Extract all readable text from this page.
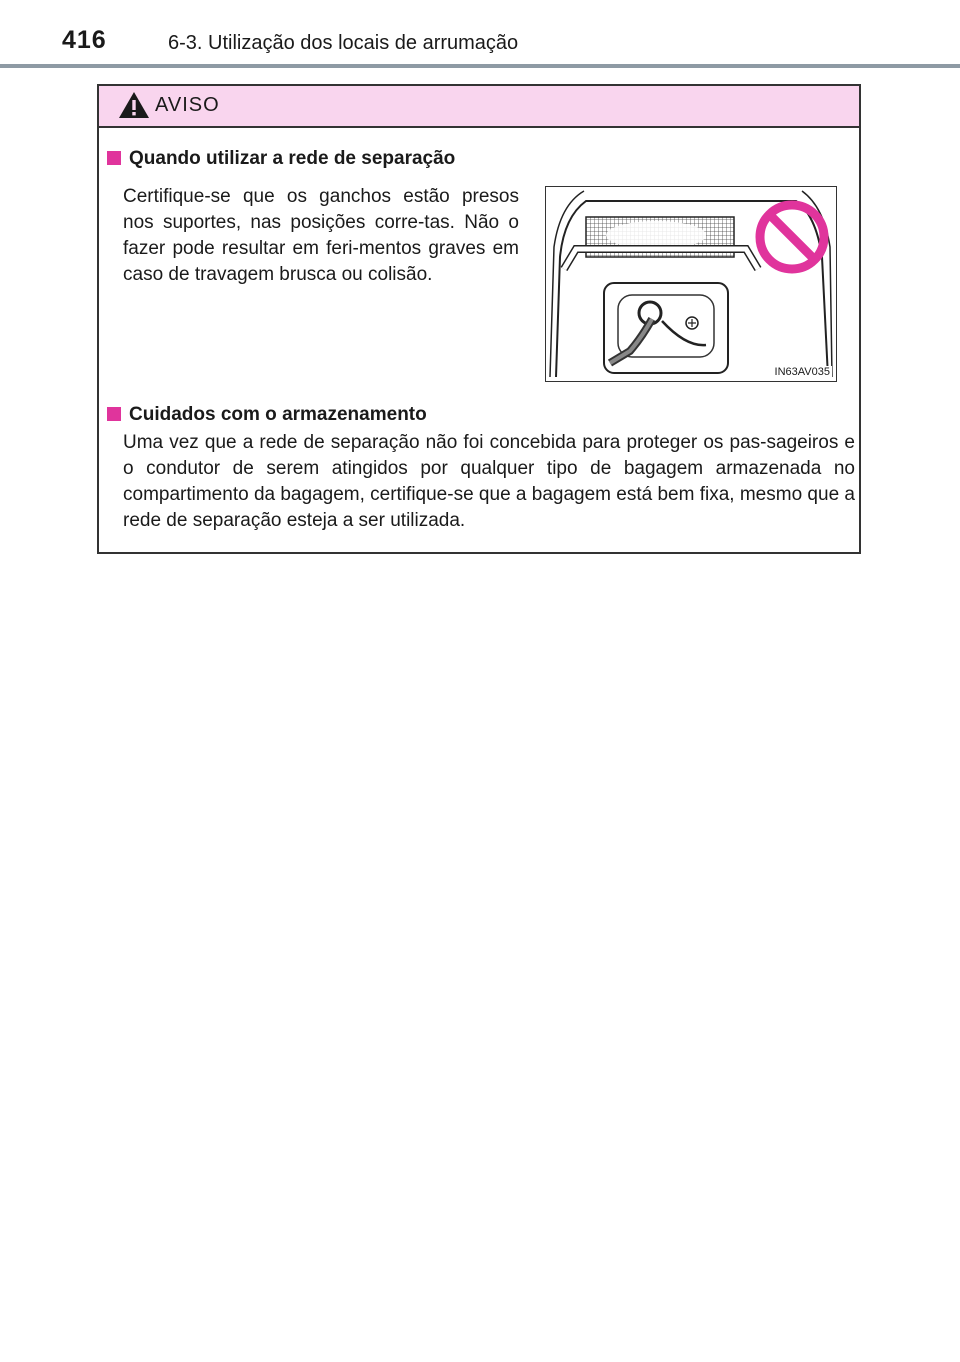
416	6-3. Utilização dos locais de arrumação
AVISO
Quando utilizar a rede de separação
Certifique-se que os ganchos estão presos nos suportes, nas posições corre-tas. Não o fazer pode resultar em feri-mentos graves em caso de travagem brusca ou colisão.
IN63AV035
Cuidados com o armazenamento
Uma vez que a rede de separação não foi concebida para proteger os pas-sageiros e o condutor de serem atingidos por qualquer tipo de bagagem armazenada no compartimento da bagagem, certifique-se que a bagagem está bem fixa, mesmo que a rede de separação esteja a ser utilizada.
